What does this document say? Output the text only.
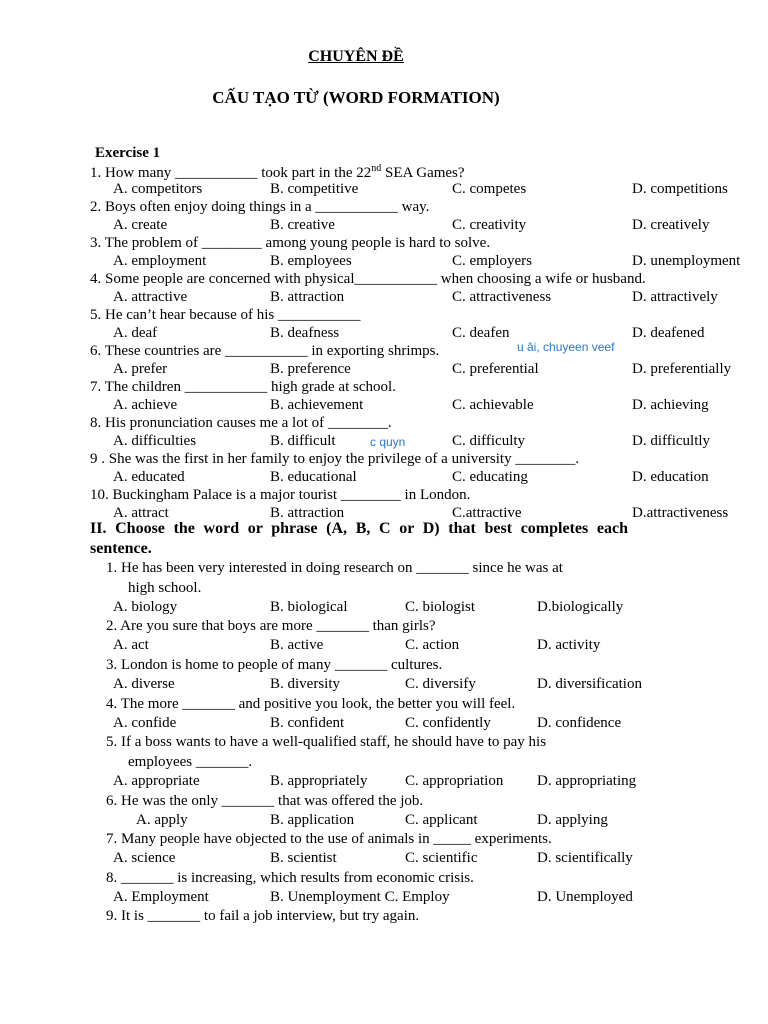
CHUYÊN ĐỀ
CẤU TẠO TỪ (WORD FORMATION)
Exercise 1
1. How many ___________ took part in the 22nd SEA Games?
A. competitors	B. competitive	C. competes	D. competitions
2. Boys often enjoy doing things in a ___________ way.
A. create	B. creative	C. creativity	D. creatively
3. The problem of ________ among young people is hard to solve.
A. employment	B. employees	C. employers	D. unemployment
4. Some people are concerned with physical___________ when choosing a wife or husband.
A. attractive	B. attraction	C. attractiveness	D. attractively
5. He can’t hear because of his ___________
A. deaf	B. deafness	C. deafen	D. deafened
6. These countries are ___________ in exporting shrimps.
A. prefer	B. preference	C. preferential	D. preferentially
7. The children ___________ high grade at school.
A. achieve	B. achievement	C. achievable	D. achieving
8. His pronunciation causes me a lot of ________.
A. difficulties	B. difficult	C. difficulty	D. difficultly
9 . She was the first in her family to enjoy the privilege of a university ________.
A. educated	B. educational	C. educating	D. education
10. Buckingham Palace is a major tourist ________ in London.
A. attract	B. attraction	C.attractive	D.attractiveness
u âi, chuyeen veef
c quyn
II. Choose the word or phrase (A, B, C or D) that best completes each sentence.
1. He has been very interested in doing research on _______ since he was at
high school.
A. biology	B. biological	C. biologist	D.biologically
2. Are you sure that boys are more _______ than girls?
A. act	B. active	C. action	D. activity
3. London is home to people of many _______ cultures.
A. diverse	B. diversity	C. diversify	D. diversification
4. The more _______ and positive you look, the better you will feel.
A. confide	B. confident	C. confidently	D. confidence
5. If a boss wants to have a well-qualified staff, he should have to pay his
employees _______.
A. appropriate	B. appropriately	C. appropriation D. appropriating
6. He was the only _______ that was offered the job.
A. apply	B. application	C. applicant	D. applying
7. Many people have objected to the use of animals in _____ experiments.
A. science	B. scientist	C. scientific	D. scientifically
8. _______ is increasing, which results from economic crisis.
A. Employment	B. Unemployment C. Employ	D. Unemployed
9. It is _______ to fail a job interview, but try again.
